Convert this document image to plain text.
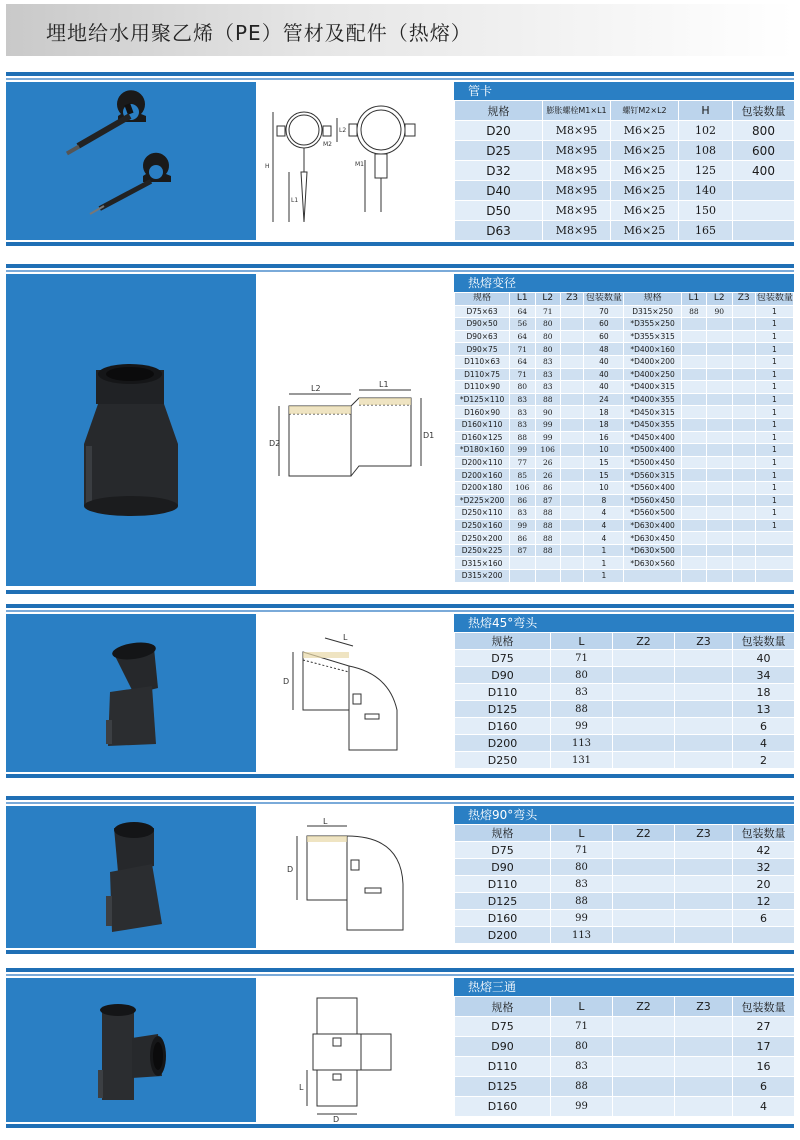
埋地给水用聚乙烯（PE）管材及配件（热熔）
H
L1
L2
M1
M2
管卡
规格	膨胀螺栓M1×L1	螺钉M2×L2	H	包装数量
D20	M8×95	M6×25	102	800
D25	M8×95	M6×25	108	600
D32	M8×95	M6×25	125	400
D40	M8×95	M6×25	140	
D50	M8×95	M6×25	150	
D63	M8×95	M6×25	165	
D2
D1
L2	L1
热熔变径
规格	L1	L2	Z3	包装数量	规格	L1	L2	Z3	包装数量
D75×63	64	71		70	D315×250	88	90		1
D90×50	56	80		60	*D355×250				1
D90×63	64	80		60	*D355×315				1
D90×75	71	80		48	*D400×160				1
D110×63	64	83		40	*D400×200				1
D110×75	71	83		40	*D400×250				1
D110×90	80	83		40	*D400×315				1
*D125×110	83	88		24	*D400×355				1
D160×90	83	90		18	*D450×315				1
D160×110	83	99		18	*D450×355				1
D160×125	88	99		16	*D450×400				1
*D180×160	99	106		10	*D500×400				1
D200×110	77	26		15	*D500×450				1
D200×160	85	26		15	*D560×315				1
D200×180	106	86		10	*D560×400				1
*D225×200	86	87		8	*D560×450				1
D250×110	83	88		4	*D560×500				1
D250×160	99	88		4	*D630×400				1
D250×200	86	88		4	*D630×450				
D250×225	87	88		1	*D630×500				
D315×160				1	*D630×560				
D315×200				1					
D
L
热熔45°弯头
规格	L	Z2	Z3	包装数量
D75	71			40
D90	80			34
D110	83			18
D125	88			13
D160	99			6
D200	113			4
D250	131			2
D
L	热熔90°弯头
规格	L	Z2	Z3	包装数量
D75	71			42
D90	80			32
D110	83			20
D125	88			12
D160	99			6
D200	113			
L
D
热熔三通
规格	L	Z2	Z3	包装数量
D75	71			27
D90	80			17
D110	83			16
D125	88			6
D160	99			4
